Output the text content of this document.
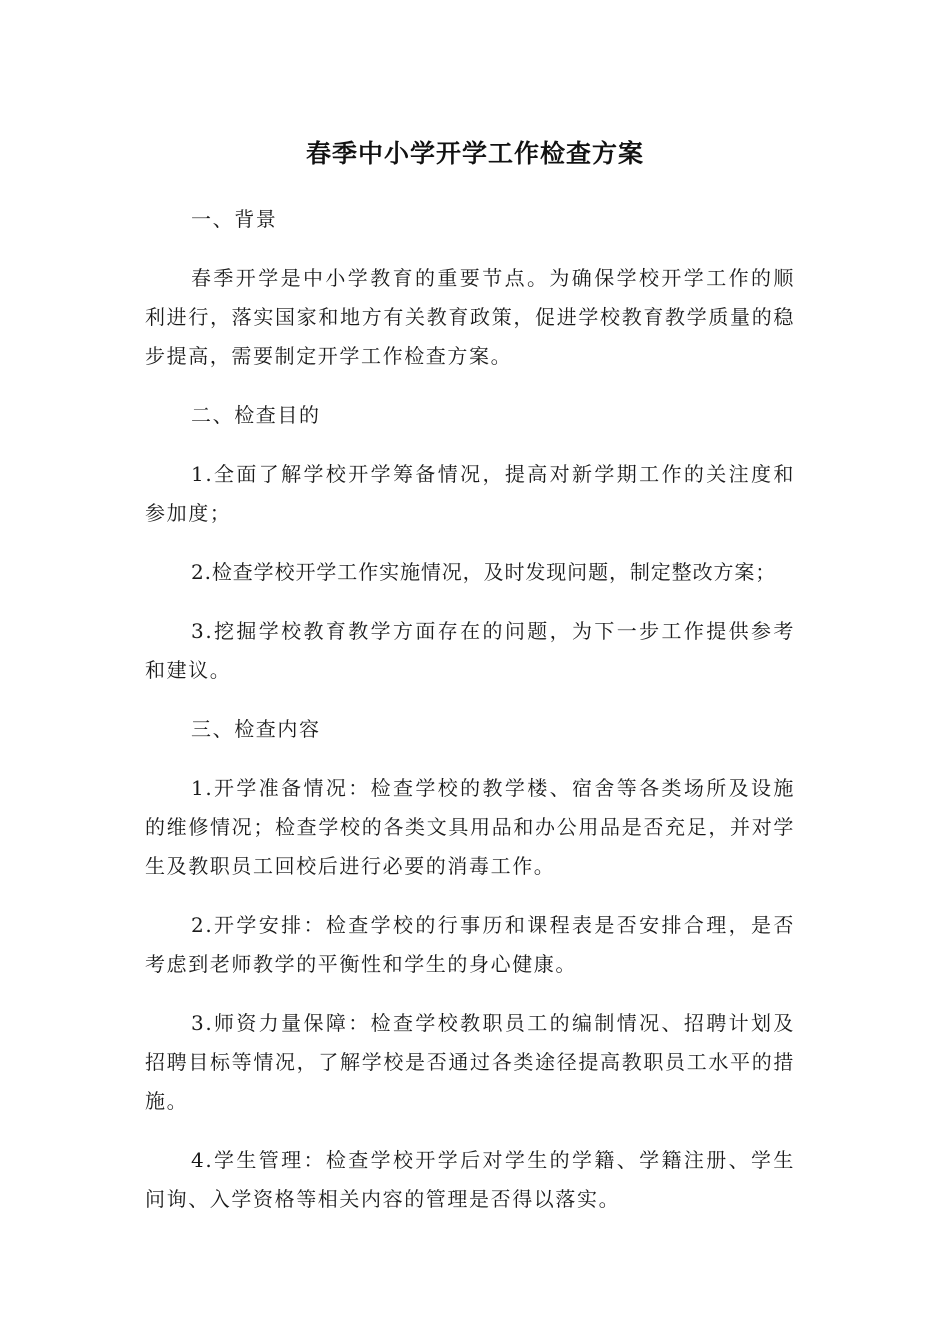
春季中小学开学工作检查方案

一、背景

春季开学是中小学教育的重要节点。为确保学校开学工作的顺利进行，落实国家和地方有关教育政策，促进学校教育教学质量的稳步提高，需要制定开学工作检查方案。

二、检查目的

1.全面了解学校开学筹备情况，提高对新学期工作的关注度和参加度；

2.检查学校开学工作实施情况，及时发现问题，制定整改方案；

3.挖掘学校教育教学方面存在的问题，为下一步工作提供参考和建议。

三、检查内容

1.开学准备情况：检查学校的教学楼、宿舍等各类场所及设施的维修情况；检查学校的各类文具用品和办公用品是否充足，并对学生及教职员工回校后进行必要的消毒工作。

2.开学安排：检查学校的行事历和课程表是否安排合理，是否考虑到老师教学的平衡性和学生的身心健康。

3.师资力量保障：检查学校教职员工的编制情况、招聘计划及招聘目标等情况，了解学校是否通过各类途径提高教职员工水平的措施。

4.学生管理：检查学校开学后对学生的学籍、学籍注册、学生问询、入学资格等相关内容的管理是否得以落实。
